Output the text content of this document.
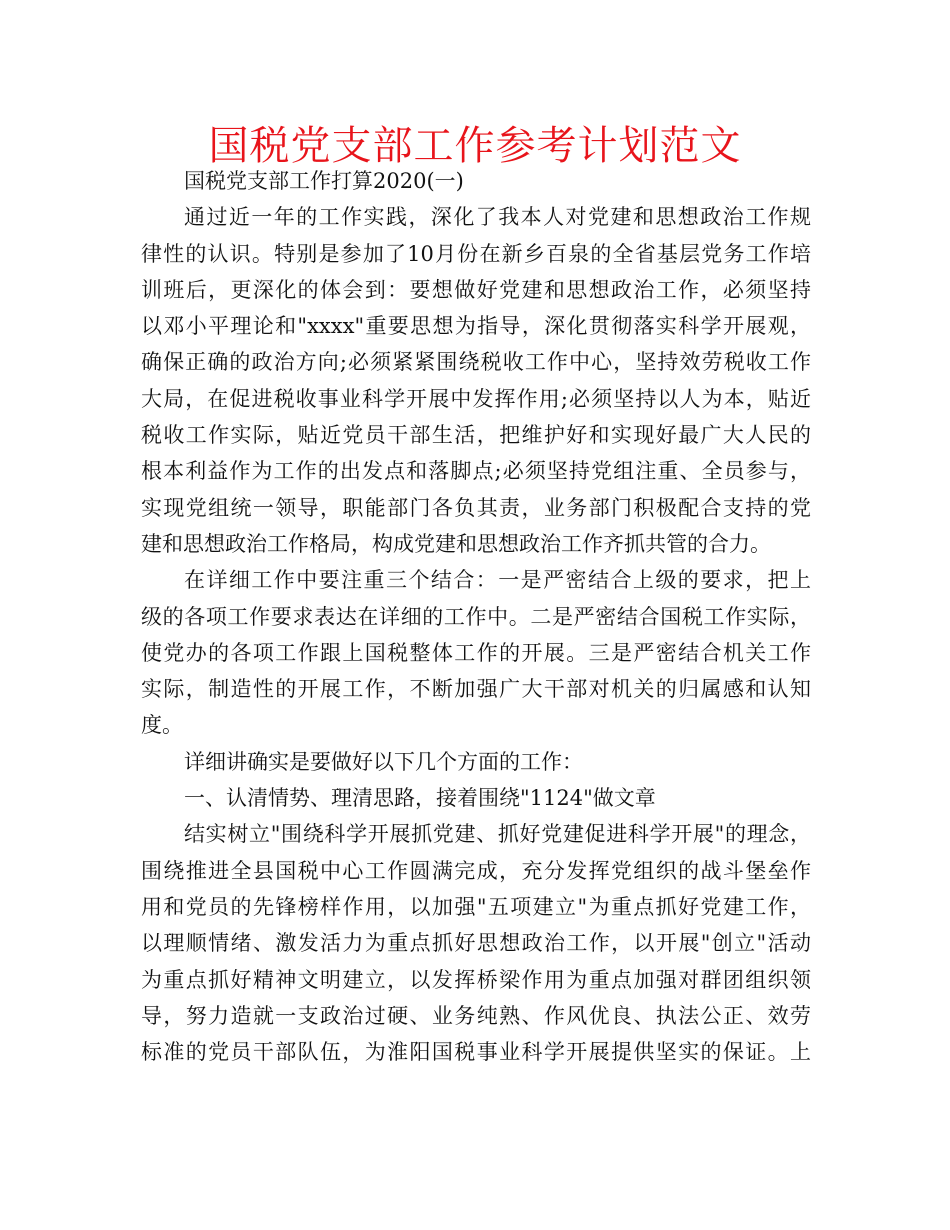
国税党支部工作参考计划范文
国税党支部工作打算2020(一)
通过近一年的工作实践，深化了我本人对党建和思想政治工作规
律性的认识。特别是参加了10月份在新乡百泉的全省基层党务工作培
训班后，更深化的体会到：要想做好党建和思想政治工作，必须坚持
以邓小平理论和"xxxx"重要思想为指导，深化贯彻落实科学开展观，
确保正确的政治方向;必须紧紧围绕税收工作中心，坚持效劳税收工作
大局，在促进税收事业科学开展中发挥作用;必须坚持以人为本，贴近
税收工作实际，贴近党员干部生活，把维护好和实现好最广大人民的
根本利益作为工作的出发点和落脚点;必须坚持党组注重、全员参与，
实现党组统一领导，职能部门各负其责，业务部门积极配合支持的党
建和思想政治工作格局，构成党建和思想政治工作齐抓共管的合力。
在详细工作中要注重三个结合：一是严密结合上级的要求，把上
级的各项工作要求表达在详细的工作中。二是严密结合国税工作实际，
使党办的各项工作跟上国税整体工作的开展。三是严密结合机关工作
实际，制造性的开展工作，不断加强广大干部对机关的归属感和认知
度。
详细讲确实是要做好以下几个方面的工作：
一、认清情势、理清思路，接着围绕"1124"做文章
结实树立"围绕科学开展抓党建、抓好党建促进科学开展"的理念，
围绕推进全县国税中心工作圆满完成，充分发挥党组织的战斗堡垒作
用和党员的先锋榜样作用，以加强"五项建立"为重点抓好党建工作，
以理顺情绪、激发活力为重点抓好思想政治工作，以开展"创立"活动
为重点抓好精神文明建立，以发挥桥梁作用为重点加强对群团组织领
导，努力造就一支政治过硬、业务纯熟、作风优良、执法公正、效劳
标准的党员干部队伍，为淮阳国税事业科学开展提供坚实的保证。上
